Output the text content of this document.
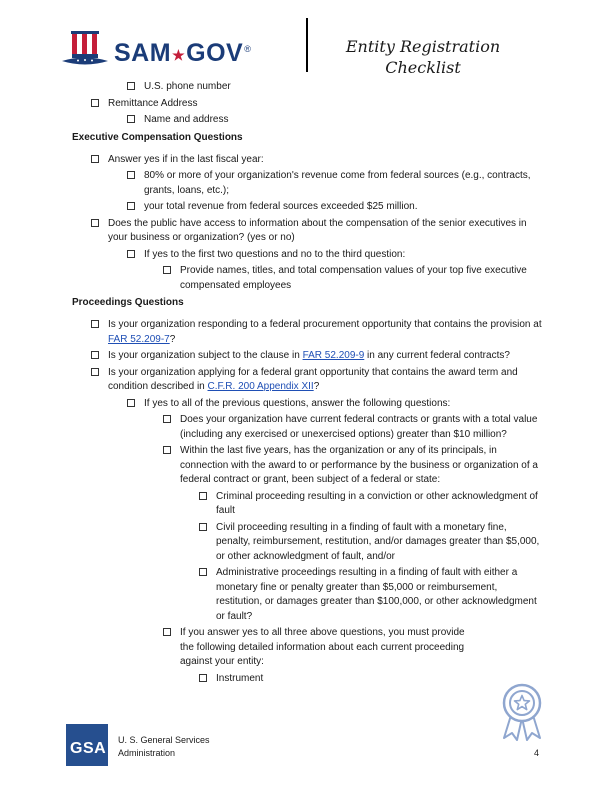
SAM★GOV®	Entity Registration
Checklist
U.S. phone number
Remittance Address
Name and address
Executive Compensation Questions
Answer yes if in the last fiscal year:
80% or more of your organization's revenue come from federal sources (e.g., contracts, grants, loans, etc.);
your total revenue from federal sources exceeded $25 million.
Does the public have access to information about the compensation of the senior executives in your business or organization? (yes or no)
If yes to the first two questions and no to the third question:
Provide names, titles, and total compensation values of your top five executive compensated employees
Proceedings Questions
Is your organization responding to a federal procurement opportunity that contains the provision at FAR 52.209-7?
Is your organization subject to the clause in FAR 52.209-9 in any current federal contracts?
Is your organization applying for a federal grant opportunity that contains the award term and condition described in C.F.R. 200 Appendix XII?
If yes to all of the previous questions, answer the following questions:
Does your organization have current federal contracts or grants with a total value (including any exercised or unexercised options) greater than $10 million?
Within the last five years, has the organization or any of its principals, in connection with the award to or performance by the business or organization of a federal contract or grant, been subject of a federal or state:
Criminal proceeding resulting in a conviction or other acknowledgment of fault
Civil proceeding resulting in a finding of fault with a monetary fine, penalty, reimbursement, restitution, and/or damages greater than $5,000, or other acknowledgment of fault, and/or
Administrative proceedings resulting in a finding of fault with either a monetary fine or penalty greater than $5,000 or reimbursement, restitution, or damages greater than $100,000, or other acknowledgment or fault?
If you answer yes to all three above questions, you must provide the following detailed information about each current proceeding against your entity:
Instrument
GSA U. S. General Services
Administration	4
